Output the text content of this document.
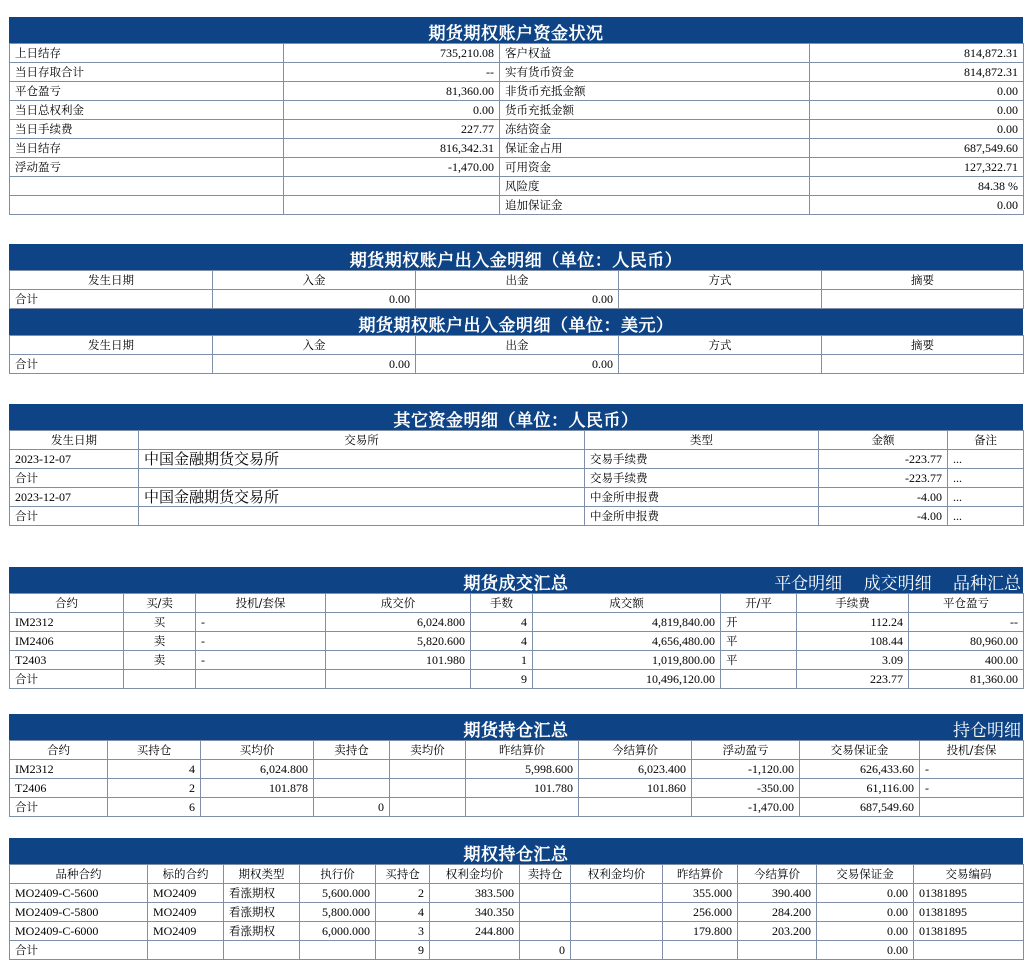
期货期权账户资金状况
上日结存	735,210.08	客户权益	814,872.31
当日存取合计	--	实有货币资金	814,872.31
平仓盈亏	81,360.00	非货币充抵金额	0.00
当日总权利金	0.00	货币充抵金额	0.00
当日手续费	227.77	冻结资金	0.00
当日结存	816,342.31	保证金占用	687,549.60
浮动盈亏	-1,470.00	可用资金	127,322.71
		风险度	84.38 %
		追加保证金	0.00
期货期权账户出入金明细（单位：人民币）
发生日期	入金	出金	方式	摘要
合计	0.00	0.00		
期货期权账户出入金明细（单位：美元）
发生日期	入金	出金	方式	摘要
合计	0.00	0.00		
其它资金明细（单位：人民币）
发生日期	交易所	类型	金额	备注
2023-12-07	中国金融期货交易所	交易手续费	-223.77	...
合计		交易手续费	-223.77	...
2023-12-07	中国金融期货交易所	中金所申报费	-4.00	...
合计		中金所申报费	-4.00	...
期货成交汇总	平仓明细 成交明细 品种汇总
合约	买/卖	投机/套保	成交价	手数	成交额	开/平	手续费	平仓盈亏
IM2312	买	-	6,024.800	4	4,819,840.00	开	112.24	--
IM2406	卖	-	5,820.600	4	4,656,480.00	平	108.44	80,960.00
T2403	卖	-	101.980	1	1,019,800.00	平	3.09	400.00
合计				9	10,496,120.00		223.77	81,360.00
期货持仓汇总	持仓明细
合约	买持仓	买均价	卖持仓	卖均价	昨结算价	今结算价	浮动盈亏	交易保证金	投机/套保
IM2312	4	6,024.800			5,998.600	6,023.400	-1,120.00	626,433.60	-
T2406	2	101.878			101.780	101.860	-350.00	61,116.00	-
合计	6		0				-1,470.00	687,549.60	
期权持仓汇总
品种合约	标的合约	期权类型	执行价	买持仓	权利金均价	卖持仓	权利金均价	昨结算价	今结算价	交易保证金	交易编码
MO2409-C-5600	MO2409	看涨期权	5,600.000	2	383.500			355.000	390.400	0.00	01381895
MO2409-C-5800	MO2409	看涨期权	5,800.000	4	340.350			256.000	284.200	0.00	01381895
MO2409-C-6000	MO2409	看涨期权	6,000.000	3	244.800			179.800	203.200	0.00	01381895
合计				9		0				0.00	
